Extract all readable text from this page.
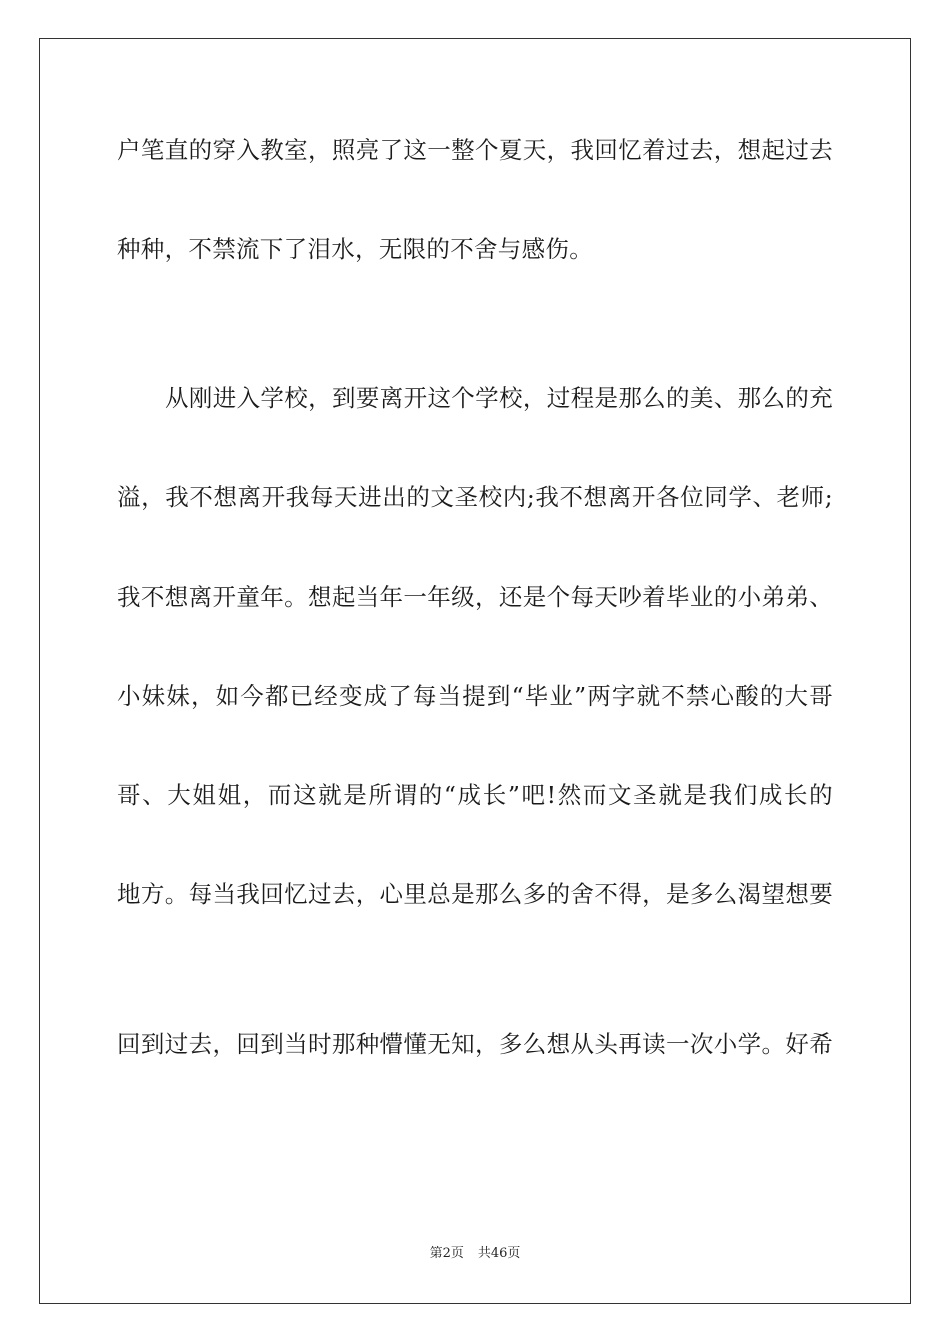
户笔直的穿入教室，照亮了这一整个夏天，我回忆着过去，想起过去
种种，不禁流下了泪水，无限的不舍与感伤。
从刚进入学校，到要离开这个学校，过程是那么的美、那么的充
溢，我不想离开我每天进出的文圣校内;我不想离开各位同学、老师;
我不想离开童年。想起当年一年级，还是个每天吵着毕业的小弟弟、
小妹妹，如今都已经变成了每当提到“毕业”两字就不禁心酸的大哥
哥、大姐姐，而这就是所谓的“成长”吧!然而文圣就是我们成长的
地方。每当我回忆过去，心里总是那么多的舍不得，是多么渴望想要
回到过去，回到当时那种懵懂无知，多么想从头再读一次小学。好希
第2页 共46页
